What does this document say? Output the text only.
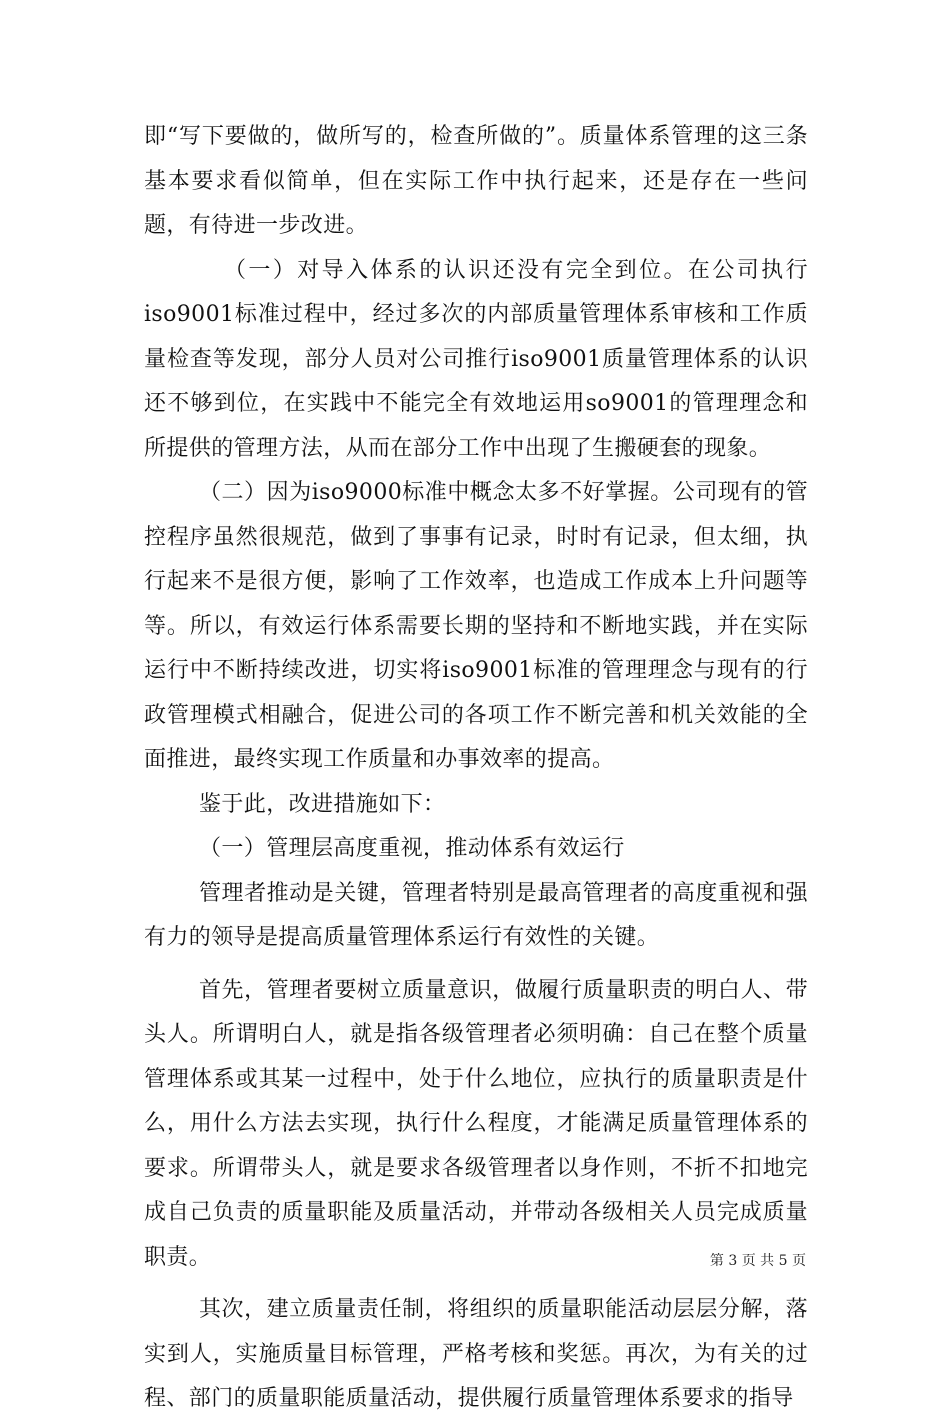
即“写下要做的，做所写的，检查所做的”。质量体系管理的这三条基本要求看似简单，但在实际工作中执行起来，还是存在一些问题，有待进一步改进。

（一）对导入体系的认识还没有完全到位。在公司执行iso9001标准过程中，经过多次的内部质量管理体系审核和工作质量检查等发现，部分人员对公司推行iso9001质量管理体系的认识还不够到位，在实践中不能完全有效地运用so9001的管理理念和所提供的管理方法，从而在部分工作中出现了生搬硬套的现象。

（二）因为iso9000标准中概念太多不好掌握。公司现有的管控程序虽然很规范，做到了事事有记录，时时有记录，但太细，执行起来不是很方便，影响了工作效率，也造成工作成本上升问题等等。所以，有效运行体系需要长期的坚持和不断地实践，并在实际运行中不断持续改进，切实将iso9001标准的管理理念与现有的行政管理模式相融合，促进公司的各项工作不断完善和机关效能的全面推进，最终实现工作质量和办事效率的提高。

鉴于此，改进措施如下：

（一）管理层高度重视，推动体系有效运行

管理者推动是关键，管理者特别是最高管理者的高度重视和强有力的领导是提高质量管理体系运行有效性的关键。

首先，管理者要树立质量意识，做履行质量职责的明白人、带头人。所谓明白人，就是指各级管理者必须明确：自己在整个质量管理体系或其某一过程中，处于什么地位，应执行的质量职责是什么，用什么方法去实现，执行什么程度，才能满足质量管理体系的要求。所谓带头人，就是要求各级管理者以身作则，不折不扣地完成自己负责的质量职能及质量活动，并带动各级相关人员完成质量职责。

其次，建立质量责任制，将组织的质量职能活动层层分解，落实到人，实施质量目标管理，严格考核和奖惩。再次，为有关的过程、部门的质量职能质量活动，提供履行质量管理体系要求的指导

第 3 页 共 5 页
